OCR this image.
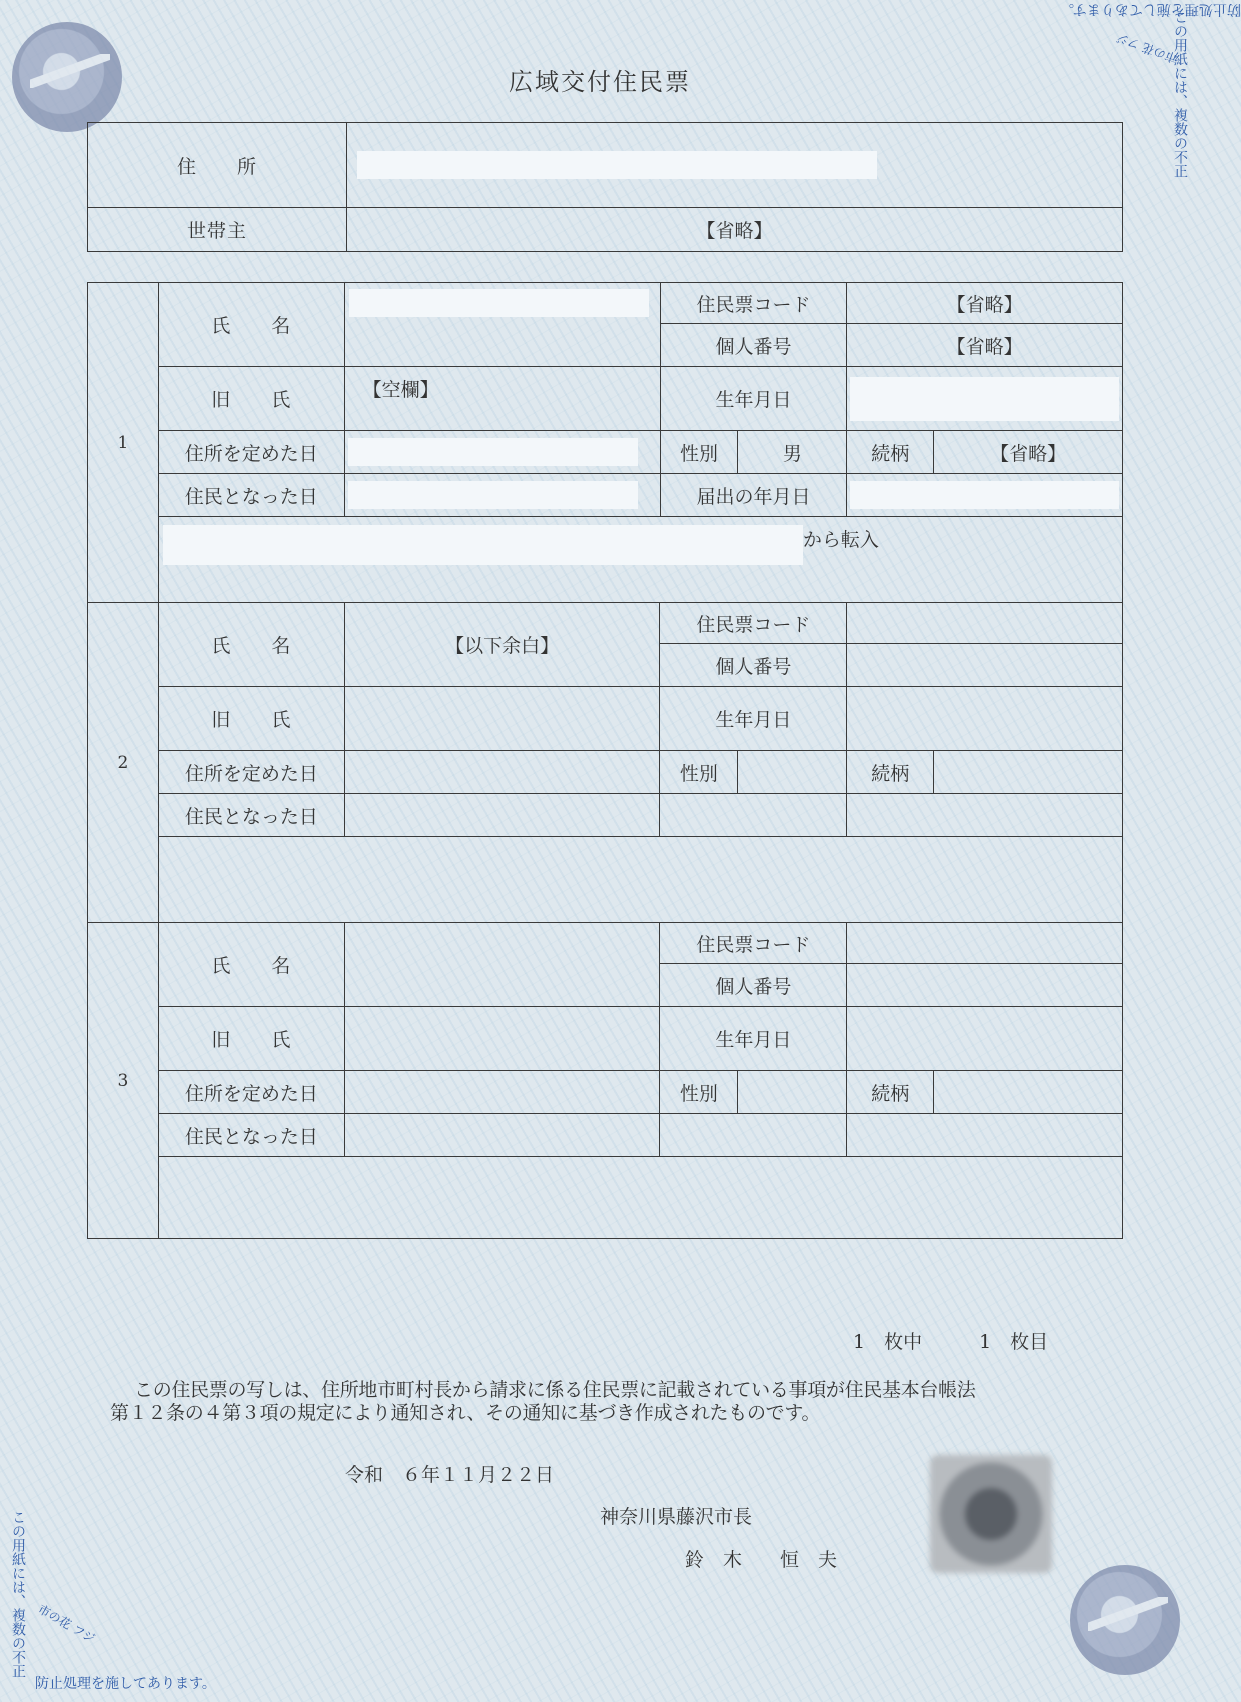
防止処理を施してあります。
この用紙には、複数の不正
市の花 フジ
この用紙には、複数の不正 市の花 フジ
防止処理を施してあります。
広域交付住民票
住　　所	

世帯主	【省略】
1	氏　　名		住民票コード		【省略】	
			個人番号		【省略】	
	旧　　氏	【空欄】	生年月日			

	住所を定めた日		性別	男	続柄	【省略】
	住民となった日		届出の年月日			

	から転入					
2	氏　　名	【以下余白】	住民票コード			
			個人番号			
	旧　　氏		生年月日			
	住所を定めた日		性別		続柄	
	住民となった日					

3	氏　　名		住民票コード			
			個人番号			
	旧　　氏		生年月日			
	住所を定めた日		性別		続柄	
	住民となった日					

1　枚中　　　1　枚目
この住民票の写しは、住所地市町村長から請求に係る住民票に記載されている事項が住民基本台帳法
第１２条の４第３項の規定により通知され、その通知に基づき作成されたものです。
令和　６年１１月２２日
神奈川県藤沢市長
鈴　木　　恒　夫
